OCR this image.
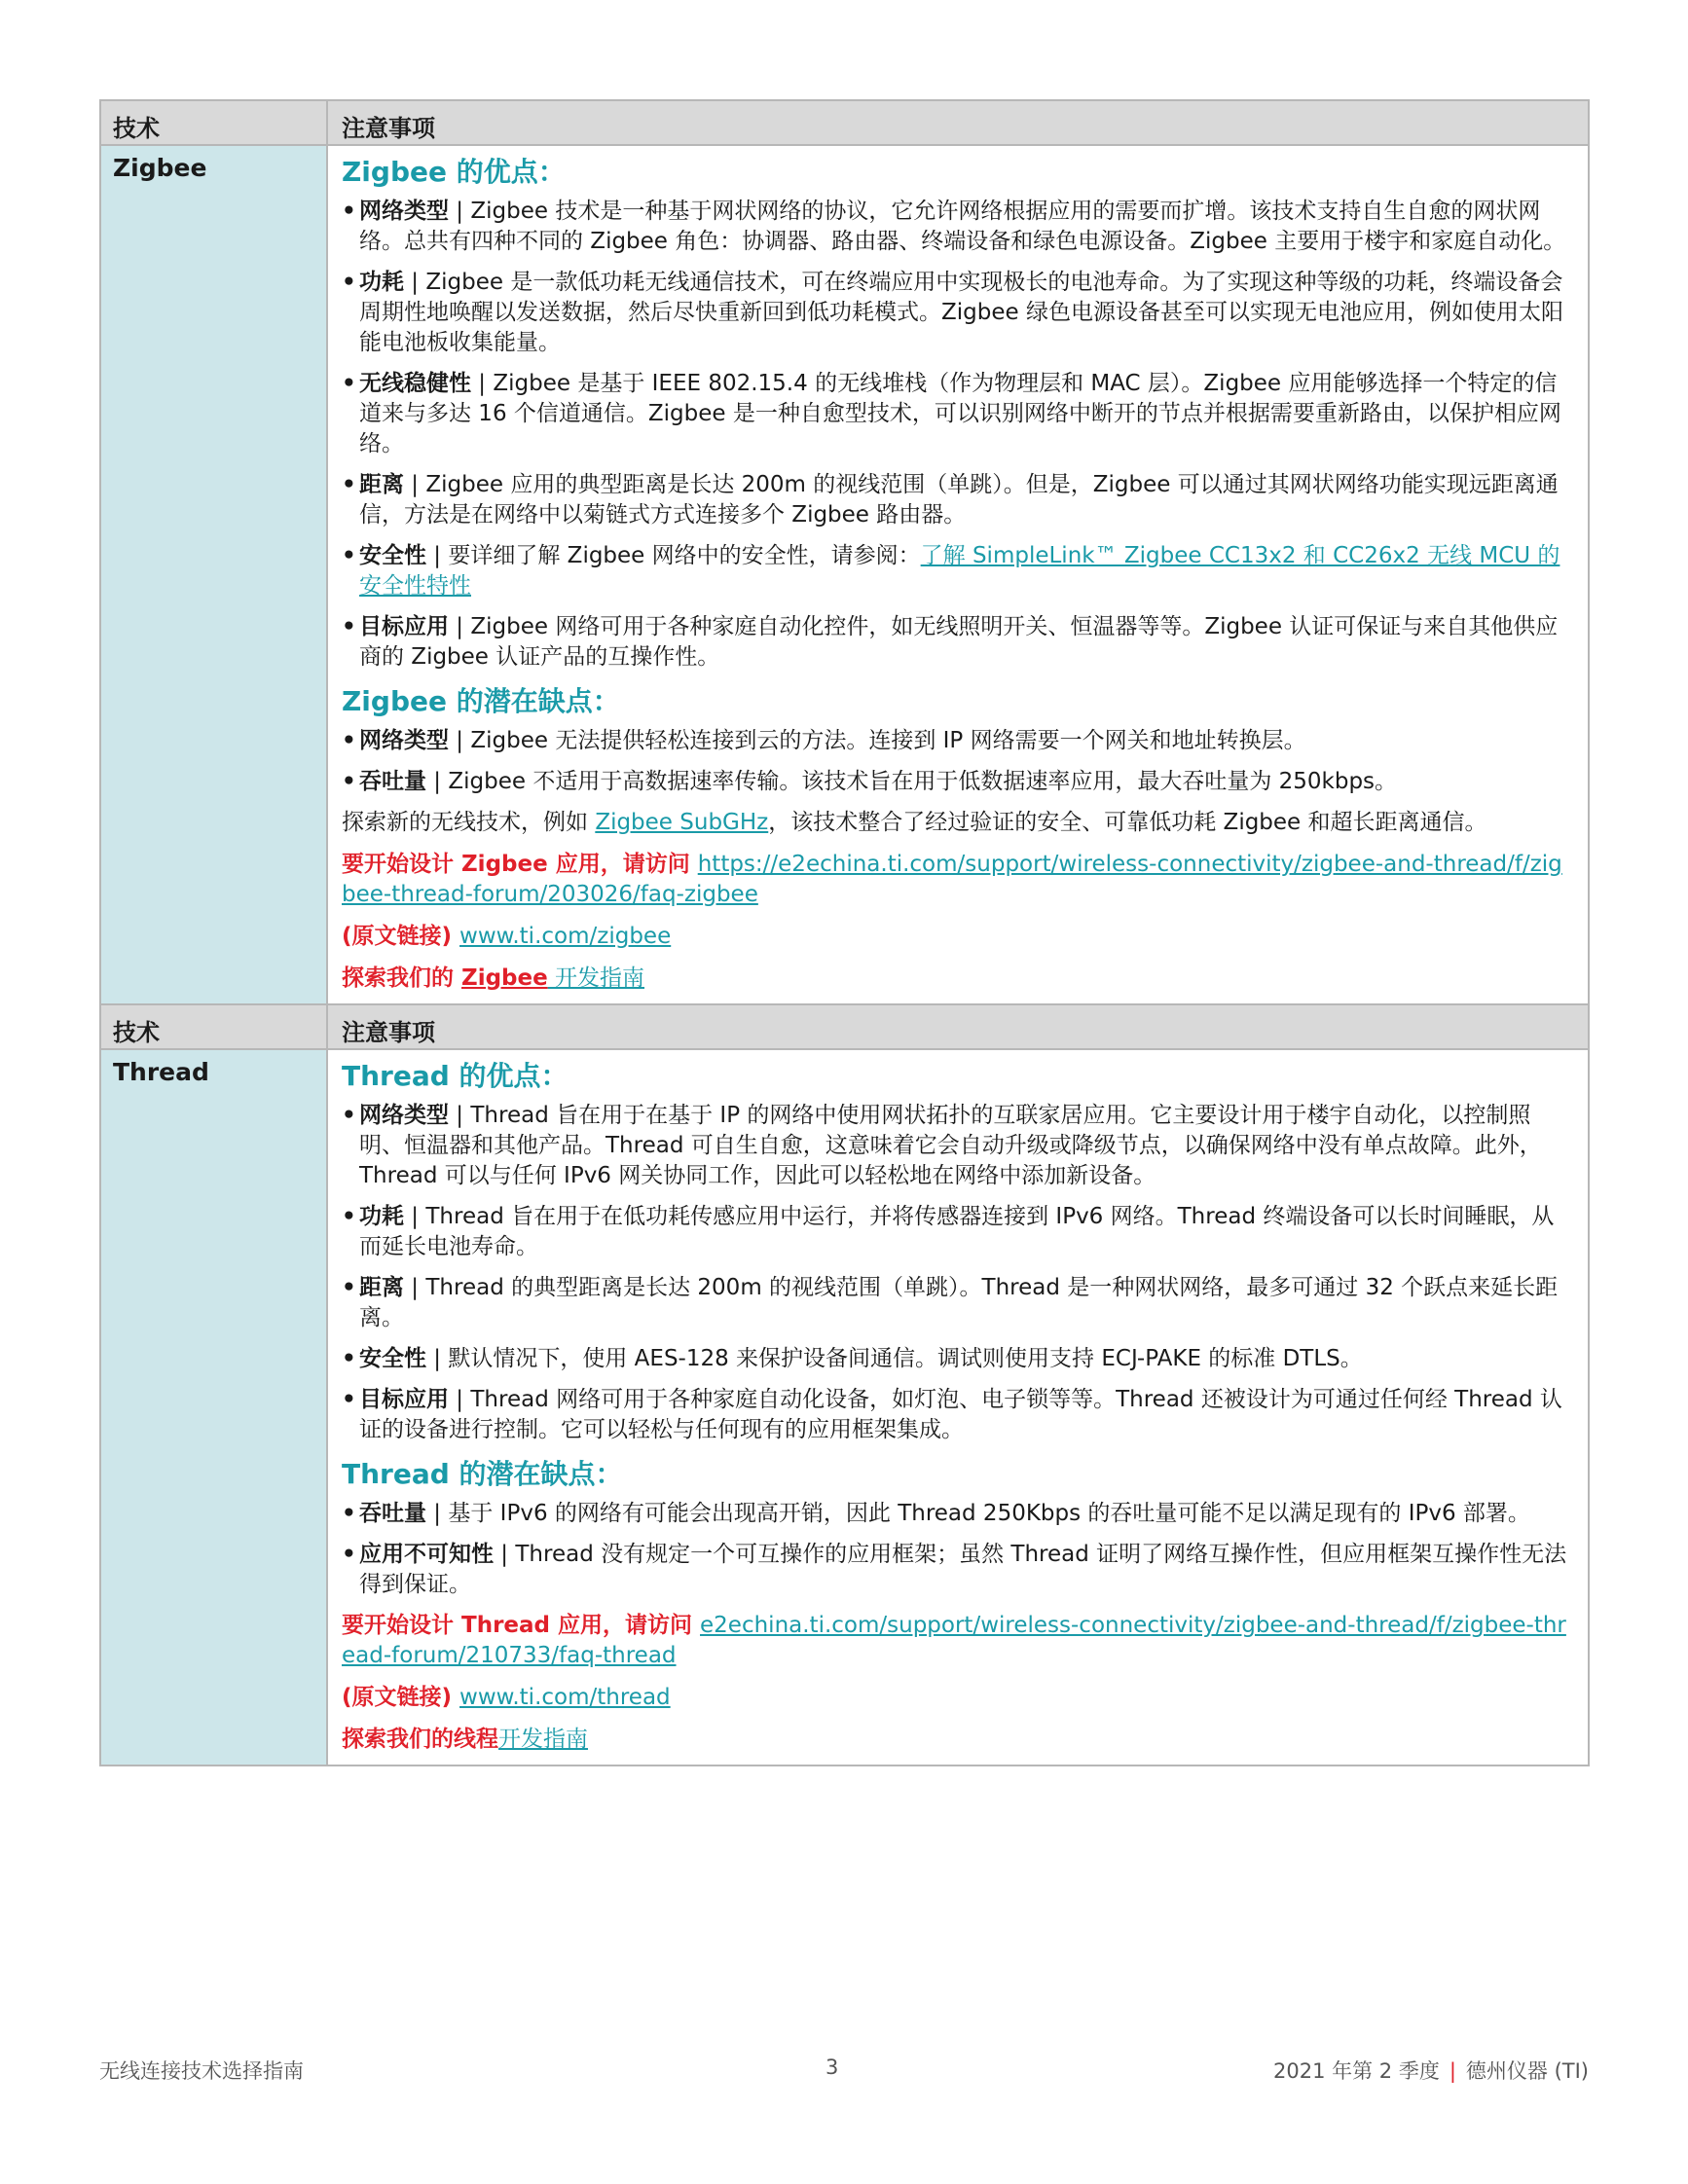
技术	注意事项
Zigbee	Zigbee 的优点：
• 网络类型 | Zigbee 技术是一种基于网状网络的协议，它允许网络根据应用的需要而扩增。该技术支持自生自愈的网状网络。总共有四种不同的 Zigbee 角色：协调器、路由器、终端设备和绿色电源设备。Zigbee 主要用于楼宇和家庭自动化。
• 功耗 | Zigbee 是一款低功耗无线通信技术，可在终端应用中实现极长的电池寿命。为了实现这种等级的功耗，终端设备会周期性地唤醒以发送数据，然后尽快重新回到低功耗模式。Zigbee 绿色电源设备甚至可以实现无电池应用，例如使用太阳能电池板收集能量。
• 无线稳健性 | Zigbee 是基于 IEEE 802.15.4 的无线堆栈（作为物理层和 MAC 层）。Zigbee 应用能够选择一个特定的信道来与多达 16 个信道通信。Zigbee 是一种自愈型技术，可以识别网络中断开的节点并根据需要重新路由，以保护相应网络。
• 距离 | Zigbee 应用的典型距离是长达 200m 的视线范围（单跳）。但是，Zigbee 可以通过其网状网络功能实现远距离通信，方法是在网络中以菊链式方式连接多个 Zigbee 路由器。
• 安全性 | 要详细了解 Zigbee 网络中的安全性，请参阅：了解 SimpleLink™ Zigbee CC13x2 和 CC26x2 无线 MCU 的安全性特性
• 目标应用 | Zigbee 网络可用于各种家庭自动化控件，如无线照明开关、恒温器等等。Zigbee 认证可保证与来自其他供应商的 Zigbee 认证产品的互操作性。
Zigbee 的潜在缺点：
• 网络类型 | Zigbee 无法提供轻松连接到云的方法。连接到 IP 网络需要一个网关和地址转换层。
• 吞吐量 | Zigbee 不适用于高数据速率传输。该技术旨在用于低数据速率应用，最大吞吐量为 250kbps。
探索新的无线技术，例如 Zigbee SubGHz，该技术整合了经过验证的安全、可靠低功耗 Zigbee 和超长距离通信。
要开始设计 Zigbee 应用，请访问 https://e2echina.ti.com/support/wireless-connectivity/zigbee-and-thread/f/zigbee-thread-forum/203026/faq-zigbee
(原文链接) www.ti.com/zigbee
探索我们的 Zigbee 开发指南
技术	注意事项
Thread	Thread 的优点：
• 网络类型 | Thread 旨在用于在基于 IP 的网络中使用网状拓扑的互联家居应用。它主要设计用于楼宇自动化，以控制照明、恒温器和其他产品。Thread 可自生自愈，这意味着它会自动升级或降级节点，以确保网络中没有单点故障。此外，Thread 可以与任何 IPv6 网关协同工作，因此可以轻松地在网络中添加新设备。
• 功耗 | Thread 旨在用于在低功耗传感应用中运行，并将传感器连接到 IPv6 网络。Thread 终端设备可以长时间睡眠，从而延长电池寿命。
• 距离 | Thread 的典型距离是长达 200m 的视线范围（单跳）。Thread 是一种网状网络，最多可通过 32 个跃点来延长距离。
• 安全性 | 默认情况下，使用 AES-128 来保护设备间通信。调试则使用支持 ECJ-PAKE 的标准 DTLS。
• 目标应用 | Thread 网络可用于各种家庭自动化设备，如灯泡、电子锁等等。Thread 还被设计为可通过任何经 Thread 认证的设备进行控制。它可以轻松与任何现有的应用框架集成。
Thread 的潜在缺点：
• 吞吐量 | 基于 IPv6 的网络有可能会出现高开销，因此 Thread 250Kbps 的吞吐量可能不足以满足现有的 IPv6 部署。
• 应用不可知性 | Thread 没有规定一个可互操作的应用框架；虽然 Thread 证明了网络互操作性，但应用框架互操作性无法得到保证。
要开始设计 Thread 应用，请访问 e2echina.ti.com/support/wireless-connectivity/zigbee-and-thread/f/zigbee-thread-forum/210733/faq-thread
(原文链接) www.ti.com/thread
探索我们的线程开发指南
无线连接技术选择指南	3	2021 年第 2 季度 | 德州仪器 (TI)
